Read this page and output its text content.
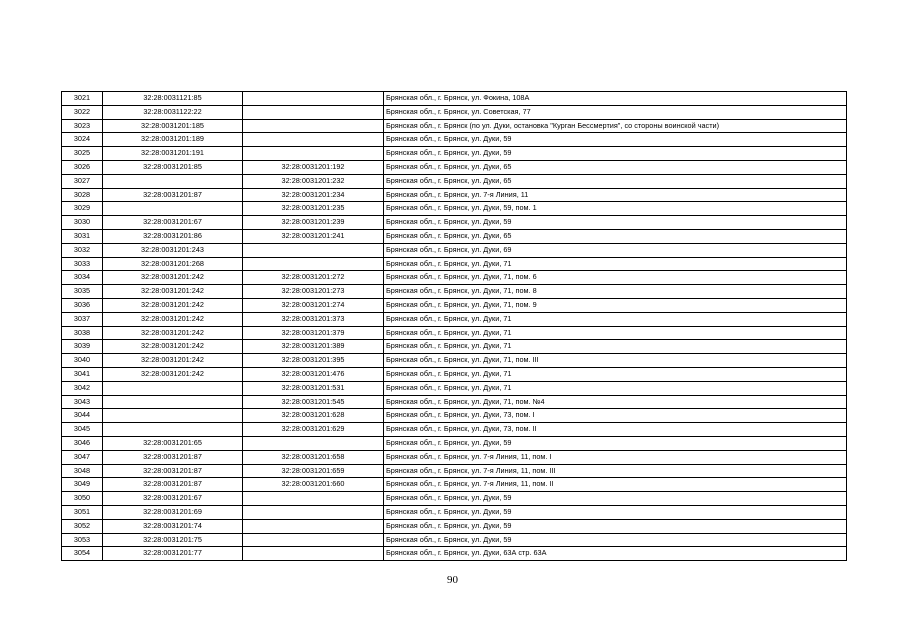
3021	32:28:0031121:85		Брянская обл., г. Брянск, ул. Фокина, 108А
3022	32:28:0031122:22		Брянская обл., г. Брянск, ул. Советская, 77
3023	32:28:0031201:185		Брянская обл., г. Брянск (по ул. Дуки, остановка "Курган Бессмертия", со стороны воинской части)
3024	32:28:0031201:189		Брянская обл., г. Брянск, ул. Дуки, 59
3025	32:28:0031201:191		Брянская обл., г. Брянск, ул. Дуки, 59
3026	32:28:0031201:85	32:28:0031201:192	Брянская обл., г. Брянск, ул. Дуки, 65
3027		32:28:0031201:232	Брянская обл., г. Брянск, ул. Дуки, 65
3028	32:28:0031201:87	32:28:0031201:234	Брянская обл., г. Брянск, ул. 7-я Линия, 11
3029		32:28:0031201:235	Брянская обл., г. Брянск, ул. Дуки, 59, пом. 1
3030	32:28:0031201:67	32:28:0031201:239	Брянская обл., г. Брянск, ул. Дуки, 59
3031	32:28:0031201:86	32:28:0031201:241	Брянская обл., г. Брянск, ул. Дуки, 65
3032	32:28:0031201:243		Брянская обл., г. Брянск, ул. Дуки, 69
3033	32:28:0031201:268		Брянская обл., г. Брянск, ул. Дуки, 71
3034	32:28:0031201:242	32:28:0031201:272	Брянская обл., г. Брянск, ул. Дуки, 71, пом. 6
3035	32:28:0031201:242	32:28:0031201:273	Брянская обл., г. Брянск, ул. Дуки, 71, пом. 8
3036	32:28:0031201:242	32:28:0031201:274	Брянская обл., г. Брянск, ул. Дуки, 71, пом. 9
3037	32:28:0031201:242	32:28:0031201:373	Брянская обл., г. Брянск, ул. Дуки, 71
3038	32:28:0031201:242	32:28:0031201:379	Брянская обл., г. Брянск, ул. Дуки, 71
3039	32:28:0031201:242	32:28:0031201:389	Брянская обл., г. Брянск, ул. Дуки, 71
3040	32:28:0031201:242	32:28:0031201:395	Брянская обл., г. Брянск, ул. Дуки, 71, пом. III
3041	32:28:0031201:242	32:28:0031201:476	Брянская обл., г. Брянск, ул. Дуки, 71
3042		32:28:0031201:531	Брянская обл., г. Брянск, ул. Дуки, 71
3043		32:28:0031201:545	Брянская обл., г. Брянск, ул. Дуки, 71, пом. №4
3044		32:28:0031201:628	Брянская обл., г. Брянск, ул. Дуки, 73, пом. I
3045		32:28:0031201:629	Брянская обл., г. Брянск, ул. Дуки, 73, пом. II
3046	32:28:0031201:65		Брянская обл., г. Брянск, ул. Дуки, 59
3047	32:28:0031201:87	32:28:0031201:658	Брянская обл., г. Брянск, ул. 7-я Линия, 11, пом. I
3048	32:28:0031201:87	32:28:0031201:659	Брянская обл., г. Брянск, ул. 7-я Линия, 11, пом. III
3049	32:28:0031201:87	32:28:0031201:660	Брянская обл., г. Брянск, ул. 7-я Линия, 11, пом. II
3050	32:28:0031201:67		Брянская обл., г. Брянск, ул. Дуки, 59
3051	32:28:0031201:69		Брянская обл., г. Брянск, ул. Дуки, 59
3052	32:28:0031201:74		Брянская обл., г. Брянск, ул. Дуки, 59
3053	32:28:0031201:75		Брянская обл., г. Брянск, ул. Дуки, 59
3054	32:28:0031201:77		Брянская обл., г. Брянск, ул. Дуки, 63А стр. 63А
90
